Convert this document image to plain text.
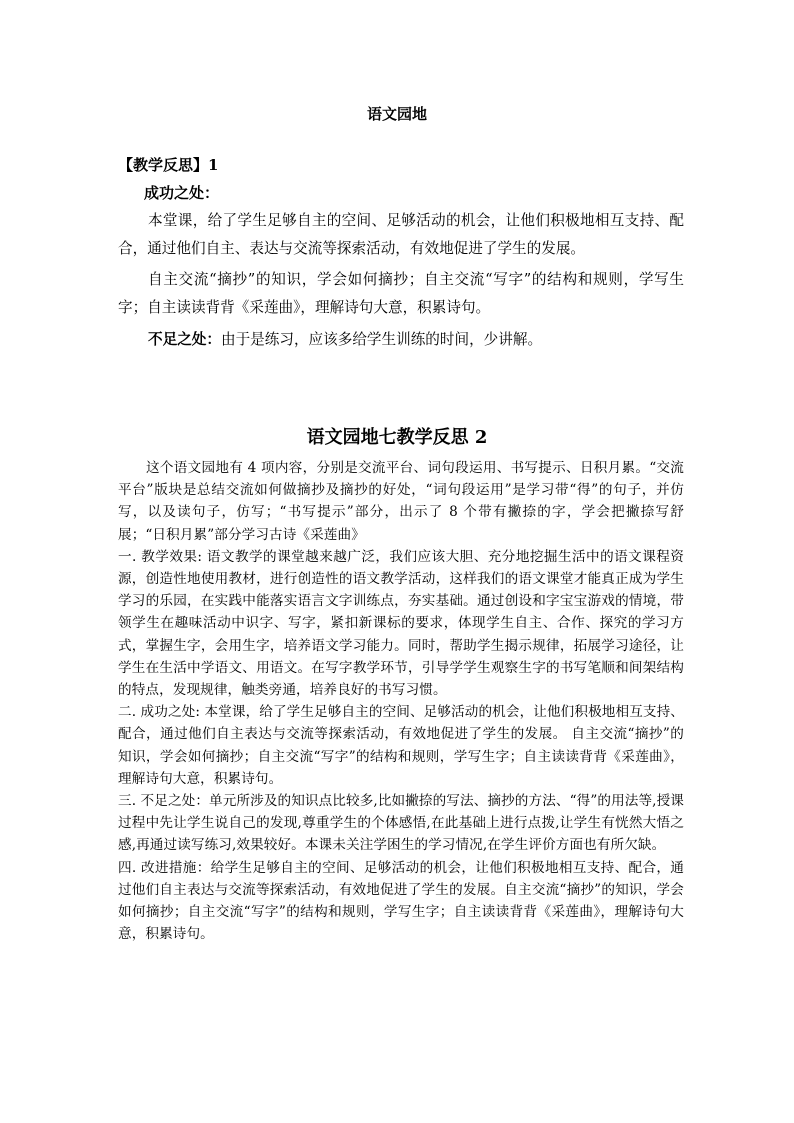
语文园地

【教学反思】1

成功之处：

本堂课，给了学生足够自主的空间、足够活动的机会，让他们积极地相互支持、配合，通过他们自主、表达与交流等探索活动，有效地促进了学生的发展。

自主交流“摘抄”的知识，学会如何摘抄；自主交流“写字”的结构和规则，学写生字；自主读读背背《采莲曲》，理解诗句大意，积累诗句。

不足之处：由于是练习，应该多给学生训练的时间，少讲解。

语文园地七教学反思 2

这个语文园地有 4 项内容，分别是交流平台、词句段运用、书写提示、日积月累。“交流平台”版块是总结交流如何做摘抄及摘抄的好处，“词句段运用”是学习带“得”的句子，并仿写，以及读句子，仿写；“书写提示”部分，出示了 8 个带有撇捺的字，学会把撇捺写舒展；“日积月累”部分学习古诗《采莲曲》

一. 教学效果: 语文教学的课堂越来越广泛，我们应该大胆、充分地挖掘生活中的语文课程资源，创造性地使用教材，进行创造性的语文教学活动，这样我们的语文课堂才能真正成为学生学习的乐园，在实践中能落实语言文字训练点，夯实基础。通过创设和字宝宝游戏的情境，带领学生在趣味活动中识字、写字，紧扣新课标的要求，体现学生自主、合作、探究的学习方式，掌握生字，会用生字，培养语文学习能力。同时，帮助学生揭示规律，拓展学习途径，让学生在生活中学语文、用语文。在写字教学环节，引导学学生观察生字的书写笔顺和间架结构的特点，发现规律，触类旁通，培养良好的书写习惯。

二. 成功之处: 本堂课，给了学生足够自主的空间、足够活动的机会，让他们积极地相互支持、配合，通过他们自主表达与交流等探索活动，有效地促进了学生的发展。 自主交流“摘抄”的知识，学会如何摘抄；自主交流“写字”的结构和规则，学写生字；自主读读背背《采莲曲》，理解诗句大意，积累诗句。

三. 不足之处：单元所涉及的知识点比较多,比如撇捺的写法、摘抄的方法、“得”的用法等,授课过程中先让学生说自己的发现,尊重学生的个体感悟,在此基础上进行点拨,让学生有恍然大悟之感,再通过读写练习,效果较好。本课未关注学困生的学习情况,在学生评价方面也有所欠缺。

四. 改进措施：给学生足够自主的空间、足够活动的机会，让他们积极地相互支持、配合，通过他们自主表达与交流等探索活动，有效地促进了学生的发展。自主交流“摘抄”的知识，学会如何摘抄；自主交流“写字”的结构和规则，学写生字；自主读读背背《采莲曲》，理解诗句大意，积累诗句。
